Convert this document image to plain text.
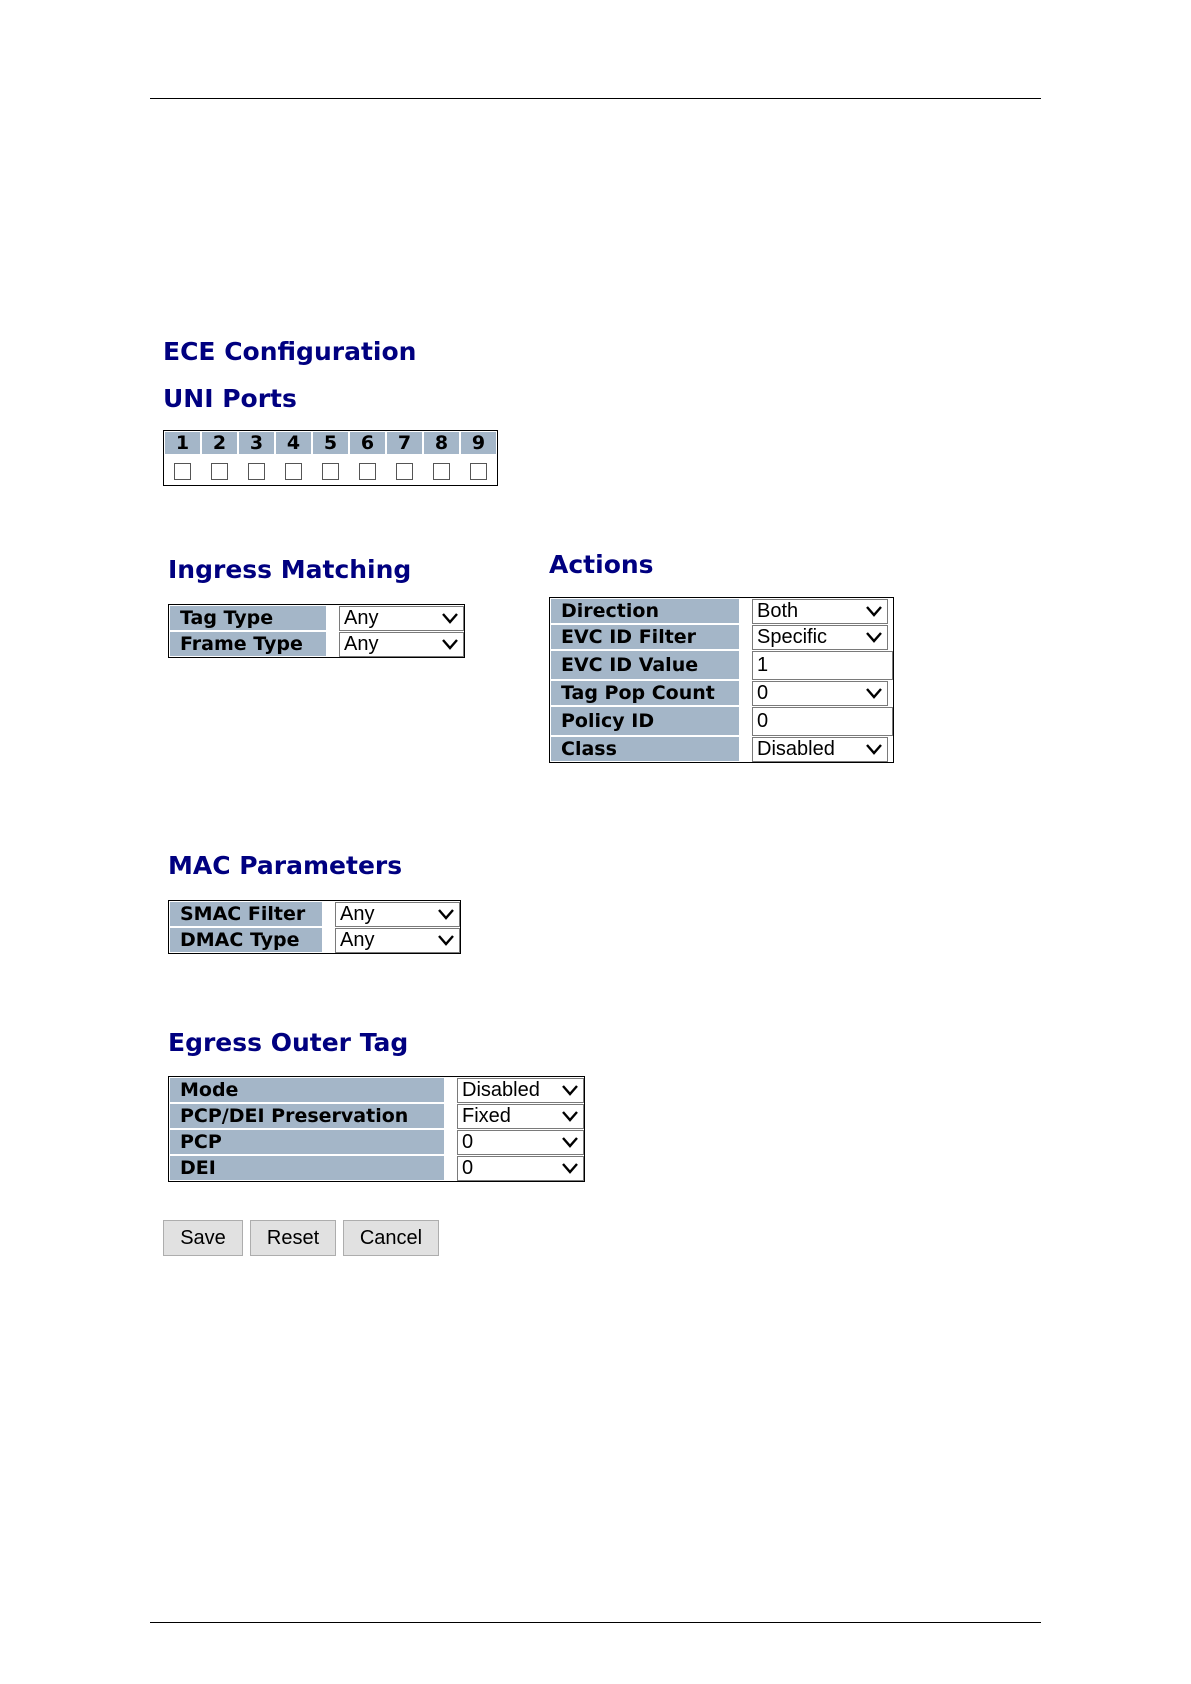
ECE Configuration
UNI Ports
1	2	3	4	5	6	7	8	9

Ingress Matching
Tag Type	Any

Frame Type	Any
Actions
Direction	Both

EVC ID Filter	Specific

EVC ID Value	1

Tag Pop Count	0

Policy ID	0

Class	Disabled
MAC Parameters
SMAC Filter	Any

DMAC Type	Any
Egress Outer Tag
Mode	Disabled

PCP/DEI Preservation	Fixed

PCP	0

DEI	0
Save	Reset	Cancel
